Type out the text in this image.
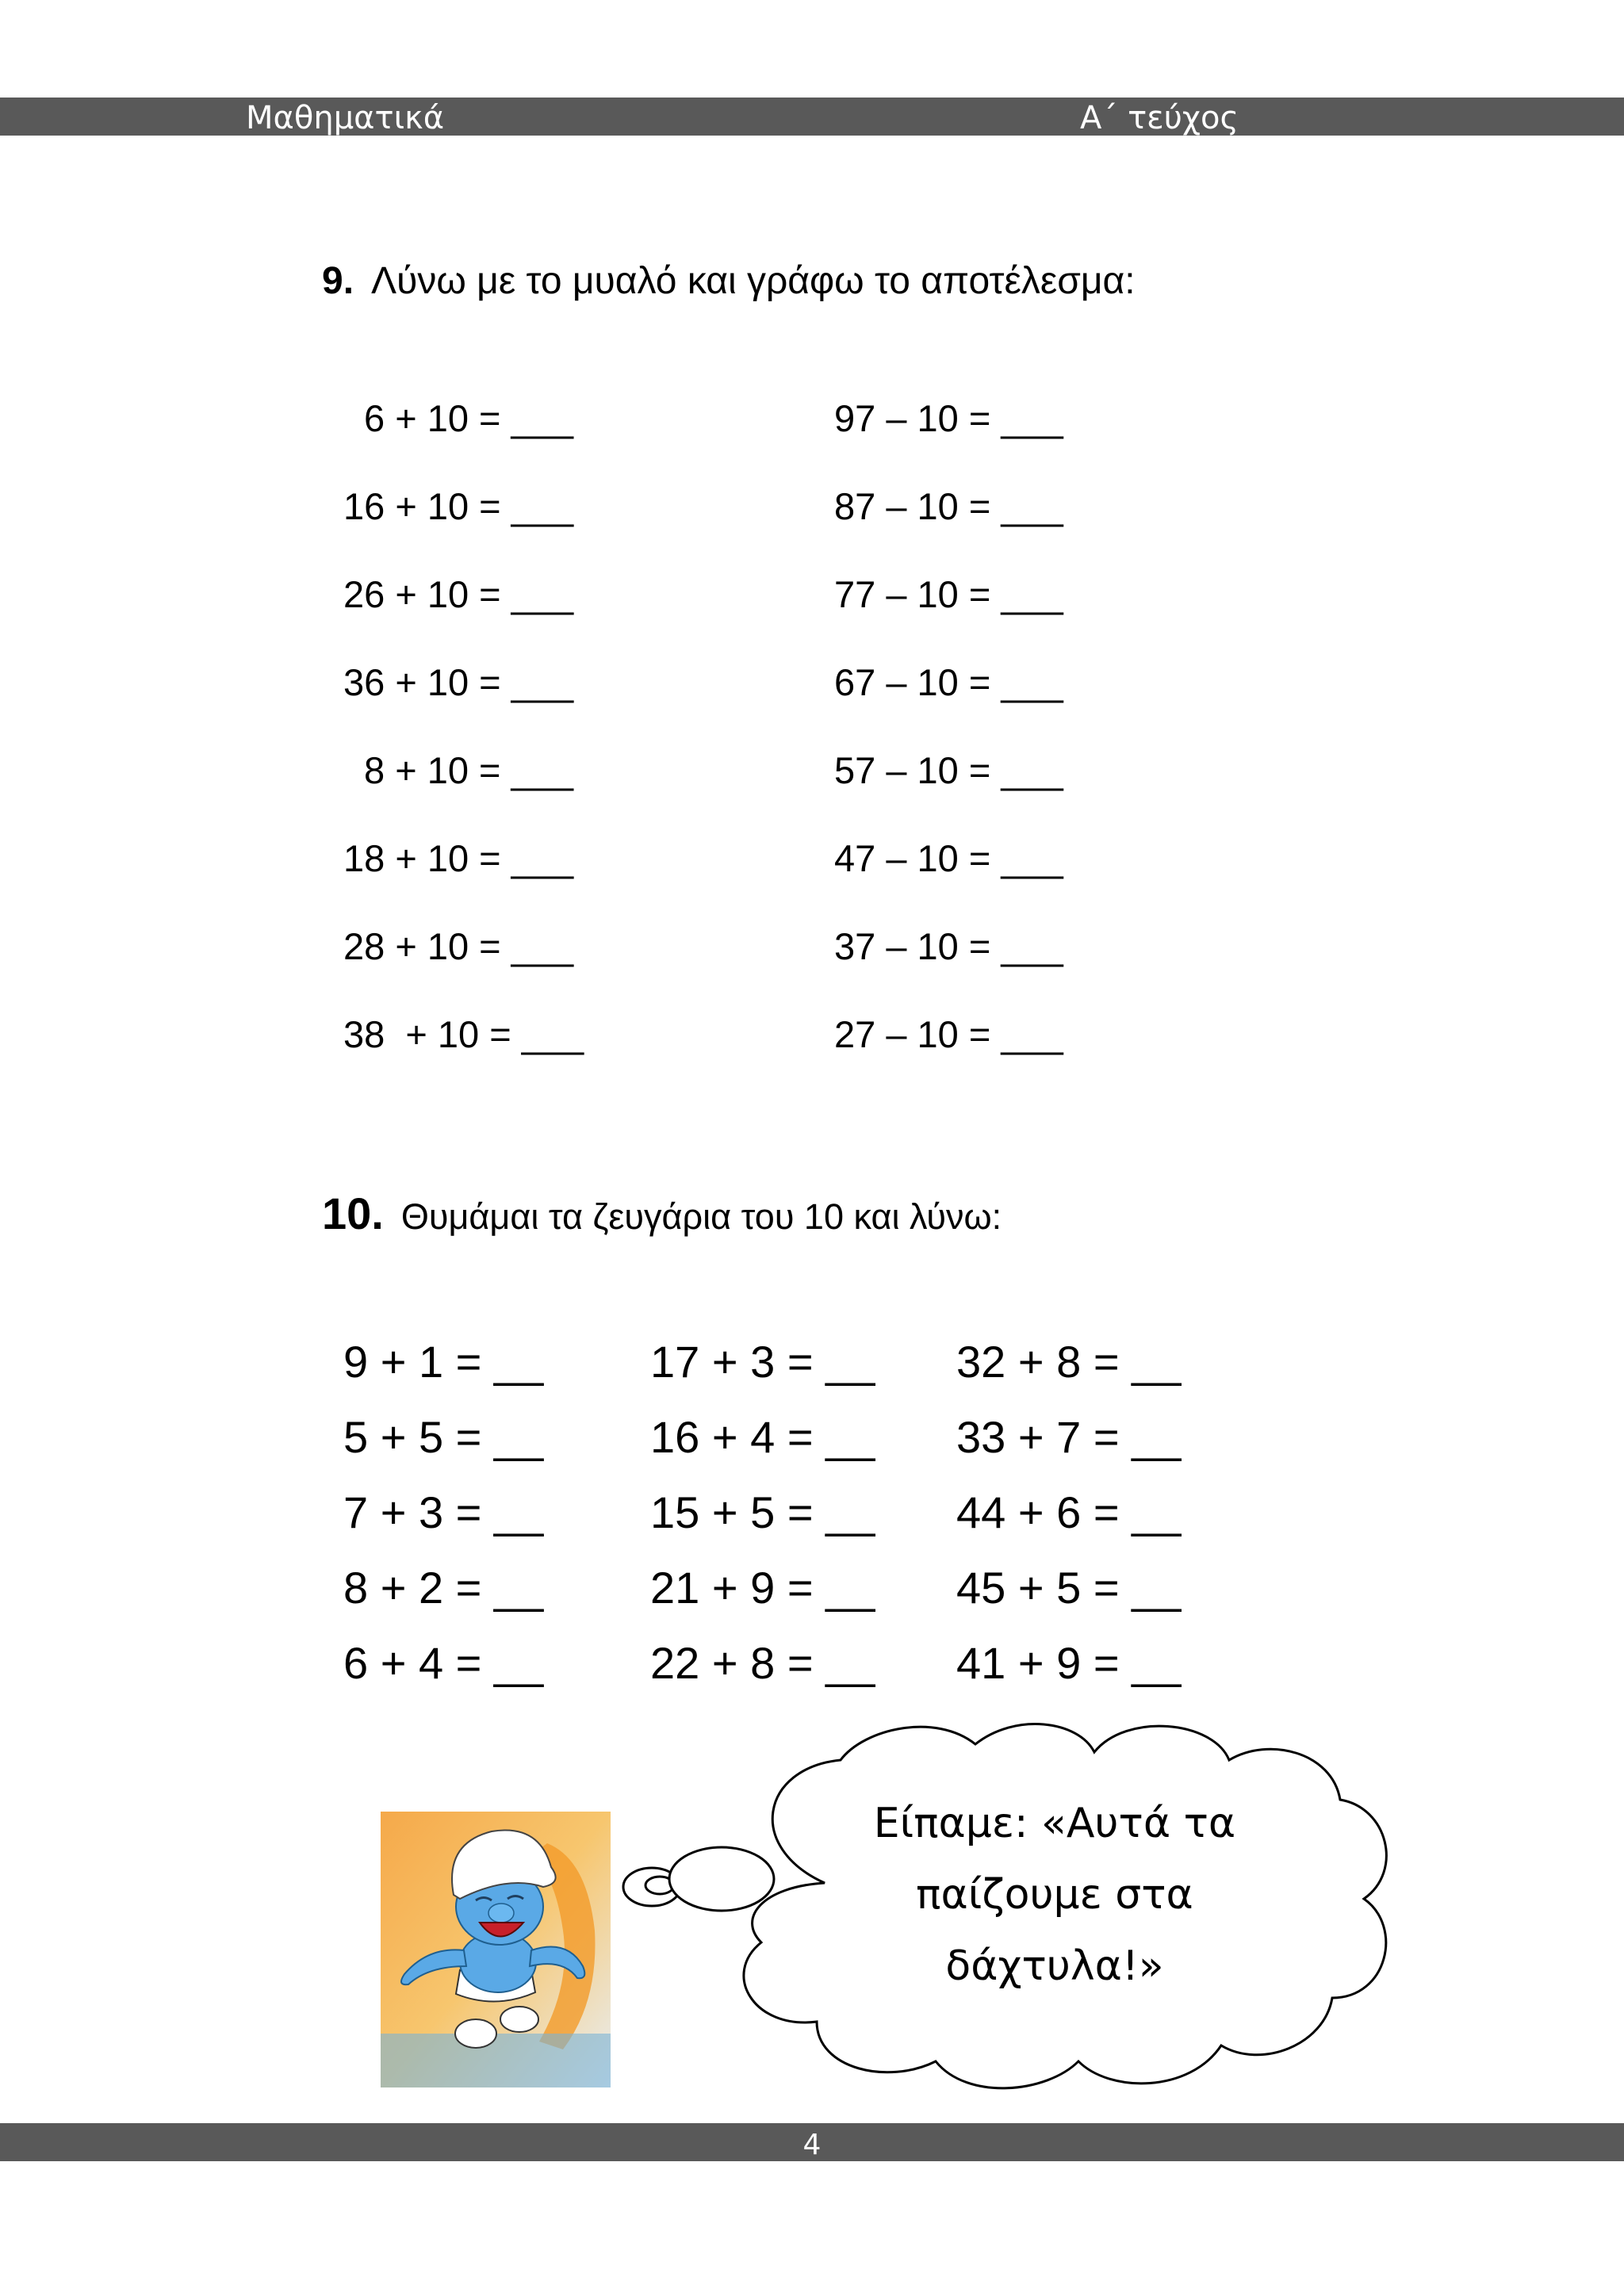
Μαθηματικά	Α΄ τεύχος
9. Λύνω με το μυαλό και γράφω το αποτέλεσμα:
6 + 10 = ___
16 + 10 = ___
26 + 10 = ___
36 + 10 = ___
8 + 10 = ___
18 + 10 = ___
28 + 10 = ___
38  + 10 = ___
97 – 10 = ___
87 – 10 = ___
77 – 10 = ___
67 – 10 = ___
57 – 10 = ___
47 – 10 = ___
37 – 10 = ___
27 – 10 = ___
10. Θυμάμαι τα ζευγάρια του 10 και λύνω:
9 + 1 = __
5 + 5 = __
7 + 3 = __
8 + 2 = __
6 + 4 = __
17 + 3 = __
16 + 4 = __
15 + 5 = __
21 + 9 = __
22 + 8 = __
32 + 8 = __
33 + 7 = __
44 + 6 = __
45 + 5 = __
41 + 9 = __
Είπαμε: «Αυτά τα
παίζουμε στα
δάχτυλα!»
4
